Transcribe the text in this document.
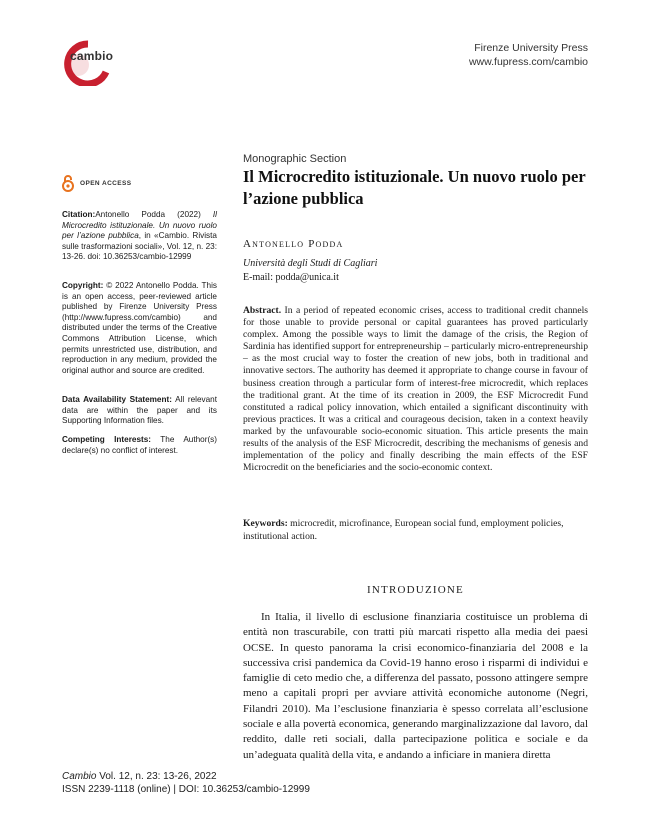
cambio
Firenze University Press
www.fupress.com/cambio
OPEN ACCESS
Citation:Antonello Podda (2022) Il Microcredito istituzionale. Un nuovo ruolo per l’azione pubblica, in «Cambio. Rivista sulle trasformazioni sociali», Vol. 12, n. 23: 13-26. doi: 10.36253/cambio-12999
Copyright: © 2022 Antonello Podda. This is an open access, peer-reviewed article published by Firenze University Press (http://www.fupress.com/cambio) and distributed under the terms of the Creative Commons Attribution License, which permits unrestricted use, distribution, and reproduction in any medium, provided the original author and source are credited.
Data Availability Statement: All relevant data are within the paper and its Supporting Information files.
Competing Interests: The Author(s) declare(s) no conflict of interest.
Monographic Section
Il Microcredito istituzionale. Un nuovo ruolo per l’azione pubblica
Antonello Podda
Università degli Studi di Cagliari
E-mail: podda@unica.it
Abstract. In a period of repeated economic crises, access to traditional credit channels for those unable to provide personal or capital guarantees has proved particularly complex. Among the possible ways to limit the damage of the crisis, the Region of Sardinia has identified support for entrepreneurship – particularly micro-entrepreneurship – as the most crucial way to foster the creation of new jobs, both in traditional and innovative sectors. The authority has deemed it appropriate to change course in favour of business creation through a particular form of interest-free microcredit, which replaces the traditional grant. At the time of its creation in 2009, the ESF Microcredit Fund constituted a radical policy innovation, which entailed a significant discontinuity with previous practices. It was a critical and courageous decision, taken in a context heavily marked by the unfavourable socio-economic situation. This article presents the main results of the analysis of the ESF Microcredit, describing the mechanisms of genesis and implementation of the policy and finally describing the main effects of the ESF Microcredit on the beneficiaries and the socio-economic context.
Keywords: microcredit, microfinance, European social fund, employment policies, institutional action.
INTRODUZIONE

In Italia, il livello di esclusione finanziaria costituisce un problema di entità non trascurabile, con tratti più marcati rispetto alla media dei paesi OCSE. In questo panorama la crisi economico-finanziaria del 2008 e la successiva crisi pandemica da Covid-19 hanno eroso i risparmi di individui e famiglie di ceto medio che, a differenza del passato, possono attingere sempre meno a capitali propri per avviare attività economiche autonome (Negri, Filandri 2010). Ma l’esclusione finanziaria è spesso correlata all’esclusione sociale e alla povertà economica, generando marginalizzazione dal lavoro, dal reddito, dalle reti sociali, dalla partecipazione politica e sociale e da un’adeguata qualità della vita, e andando a inficiare in maniera diretta

Cambio Vol. 12, n. 23: 13-26, 2022
ISSN 2239-1118 (online) | DOI: 10.36253/cambio-12999
